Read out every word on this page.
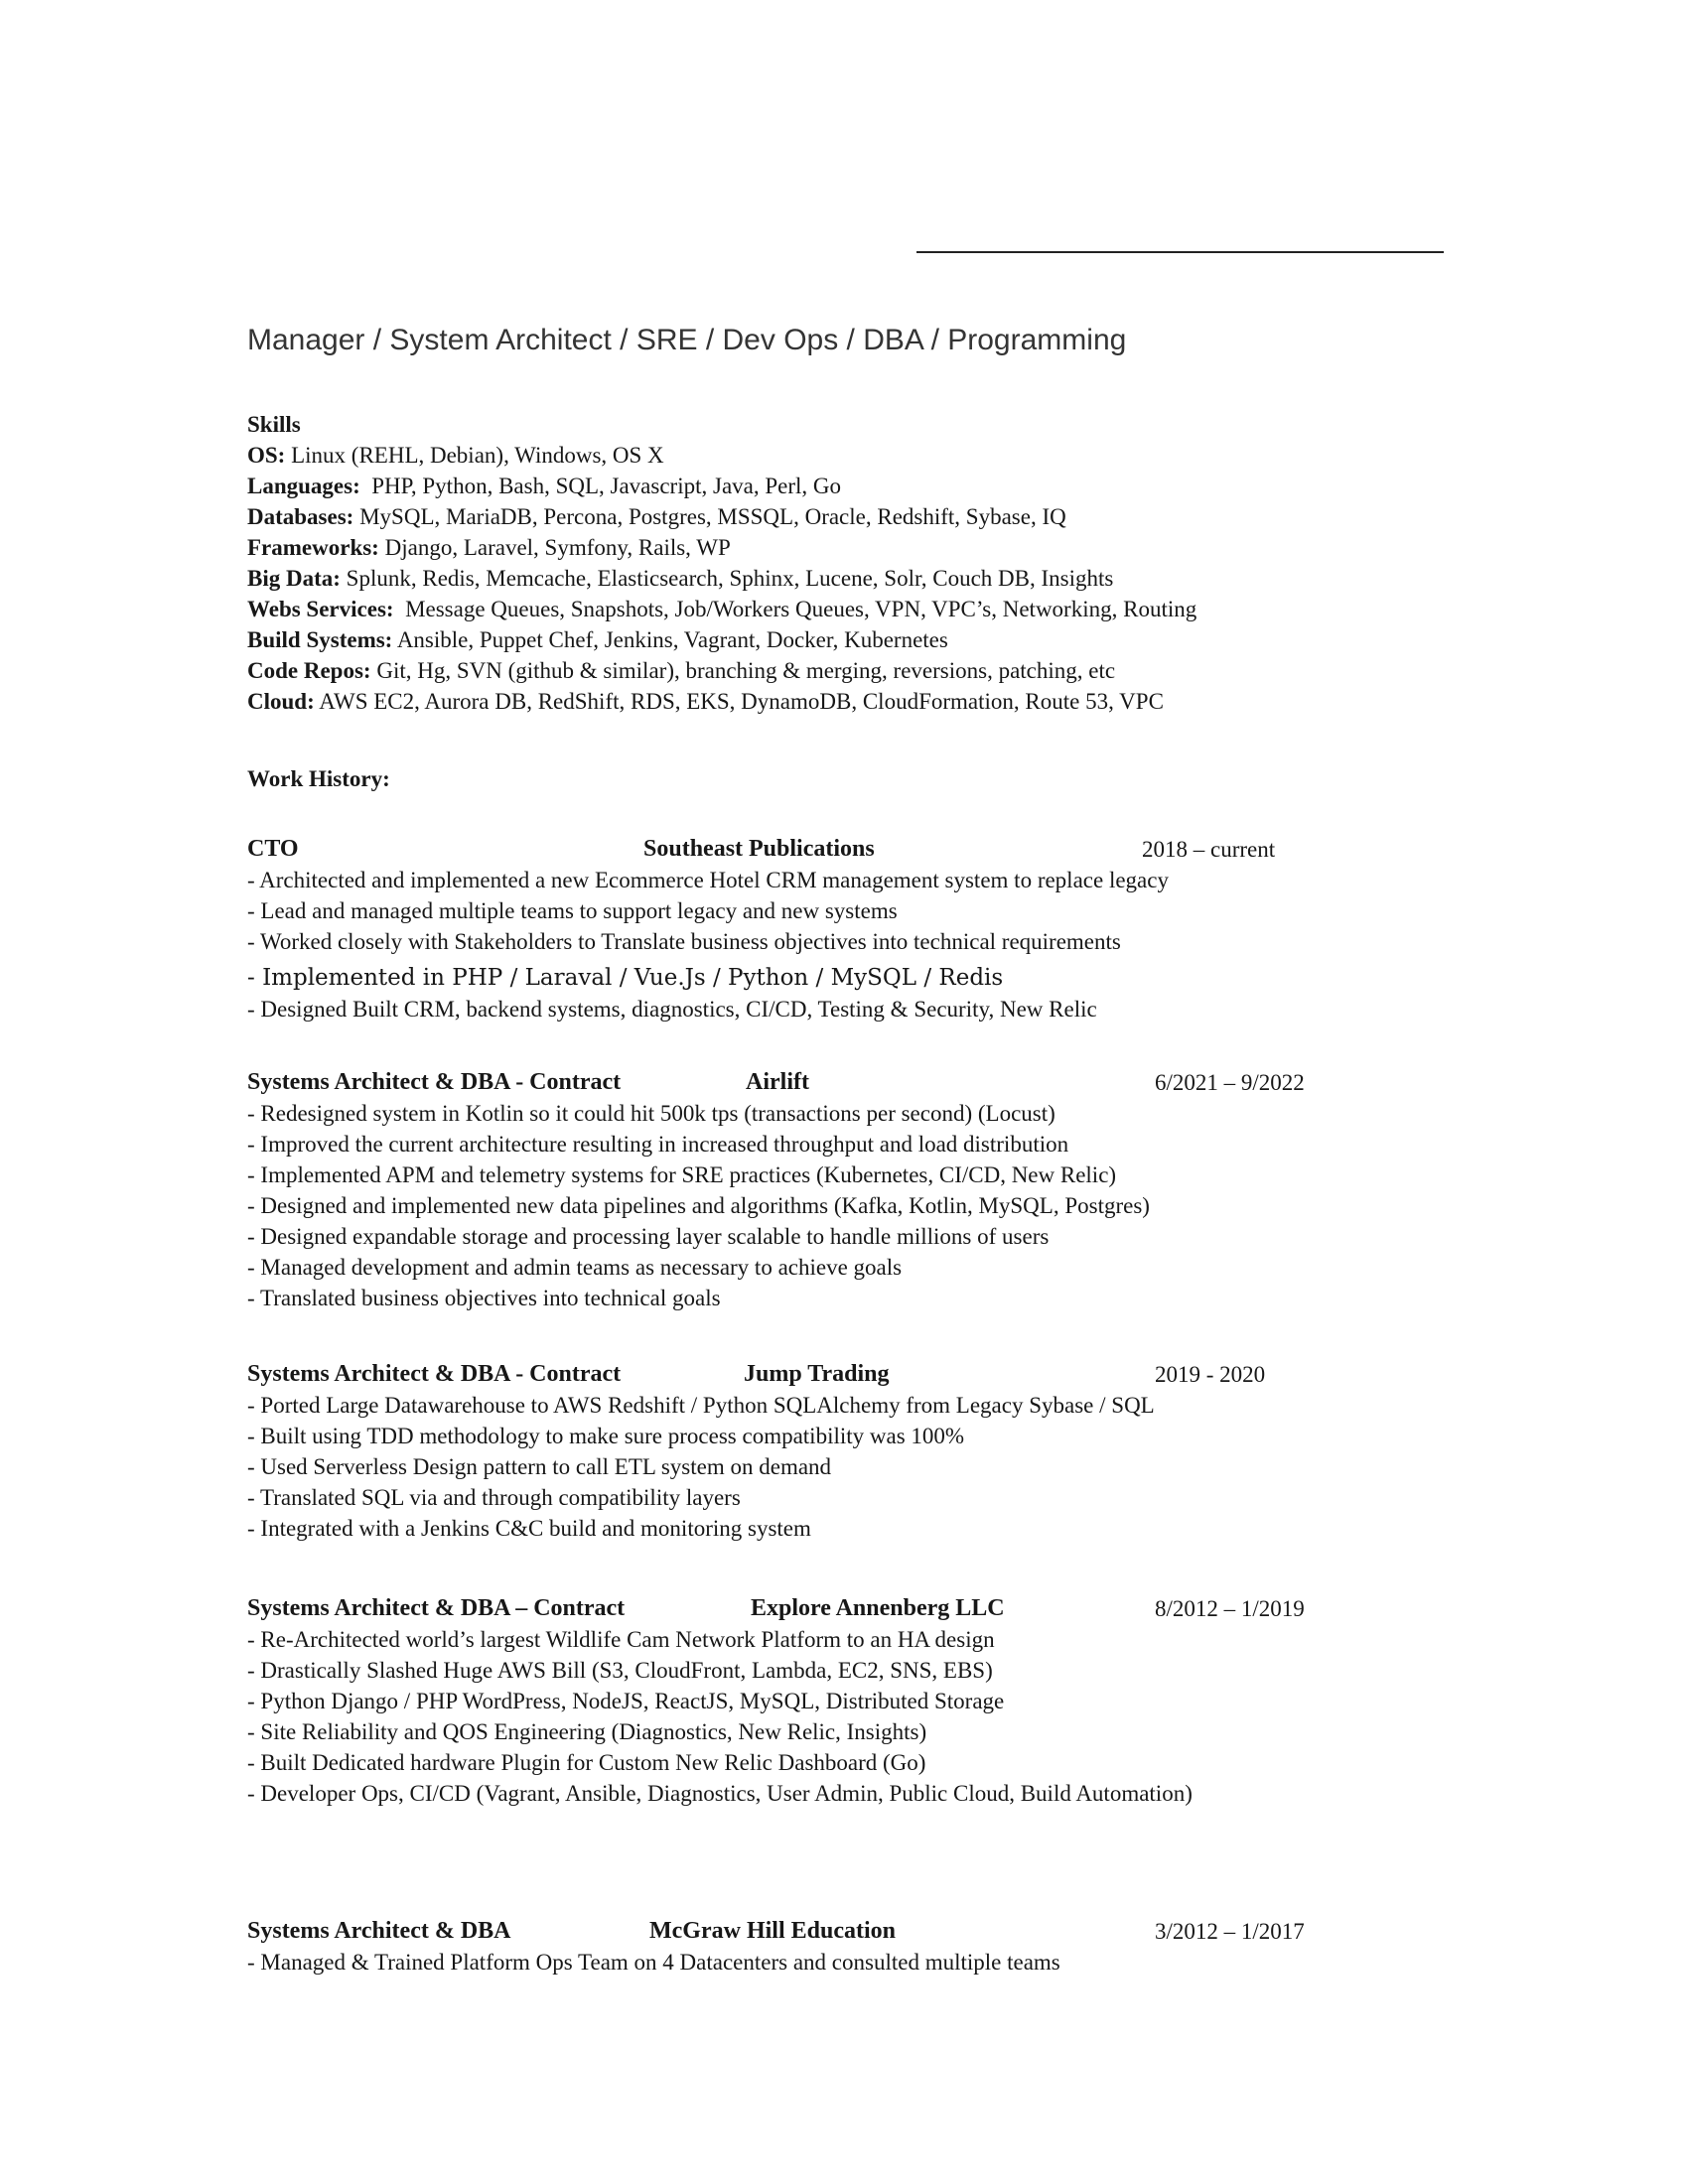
Manager / System Architect / SRE / Dev Ops / DBA / Programming
Skills
OS: Linux (REHL, Debian), Windows, OS X
Languages:  PHP, Python, Bash, SQL, Javascript, Java, Perl, Go
Databases: MySQL, MariaDB, Percona, Postgres, MSSQL, Oracle, Redshift, Sybase, IQ
Frameworks: Django, Laravel, Symfony, Rails, WP
Big Data: Splunk, Redis, Memcache, Elasticsearch, Sphinx, Lucene, Solr, Couch DB, Insights
Webs Services:  Message Queues, Snapshots, Job/Workers Queues, VPN, VPC’s, Networking, Routing
Build Systems: Ansible, Puppet Chef, Jenkins, Vagrant, Docker, Kubernetes
Code Repos: Git, Hg, SVN (github & similar), branching & merging, reversions, patching, etc
Cloud: AWS EC2, Aurora DB, RedShift, RDS, EKS, DynamoDB, CloudFormation, Route 53, VPC
Work History:
CTO	Southeast Publications	2018 – current
- Architected and implemented a new Ecommerce Hotel CRM management system to replace legacy
- Lead and managed multiple teams to support legacy and new systems
- Worked closely with Stakeholders to Translate business objectives into technical requirements
- Implemented in PHP / Laraval / Vue.Js / Python / MySQL / Redis
- Designed Built CRM, backend systems, diagnostics, CI/CD, Testing & Security, New Relic
Systems Architect & DBA - Contract	Airlift	6/2021 – 9/2022
- Redesigned system in Kotlin so it could hit 500k tps (transactions per second) (Locust)
- Improved the current architecture resulting in increased throughput and load distribution
- Implemented APM and telemetry systems for SRE practices (Kubernetes, CI/CD, New Relic)
- Designed and implemented new data pipelines and algorithms (Kafka, Kotlin, MySQL, Postgres)
- Designed expandable storage and processing layer scalable to handle millions of users
- Managed development and admin teams as necessary to achieve goals
- Translated business objectives into technical goals
Systems Architect & DBA - Contract	Jump Trading	2019 - 2020
- Ported Large Datawarehouse to AWS Redshift / Python SQLAlchemy from Legacy Sybase / SQL
- Built using TDD methodology to make sure process compatibility was 100%
- Used Serverless Design pattern to call ETL system on demand
- Translated SQL via and through compatibility layers
- Integrated with a Jenkins C&C build and monitoring system
Systems Architect & DBA – Contract	Explore Annenberg LLC	8/2012 – 1/2019
- Re-Architected world’s largest Wildlife Cam Network Platform to an HA design
- Drastically Slashed Huge AWS Bill (S3, CloudFront, Lambda, EC2, SNS, EBS)
- Python Django / PHP WordPress, NodeJS, ReactJS, MySQL, Distributed Storage
- Site Reliability and QOS Engineering (Diagnostics, New Relic, Insights)
- Built Dedicated hardware Plugin for Custom New Relic Dashboard (Go)
- Developer Ops, CI/CD (Vagrant, Ansible, Diagnostics, User Admin, Public Cloud, Build Automation)
Systems Architect & DBA	McGraw Hill Education	3/2012 – 1/2017
- Managed & Trained Platform Ops Team on 4 Datacenters and consulted multiple teams
